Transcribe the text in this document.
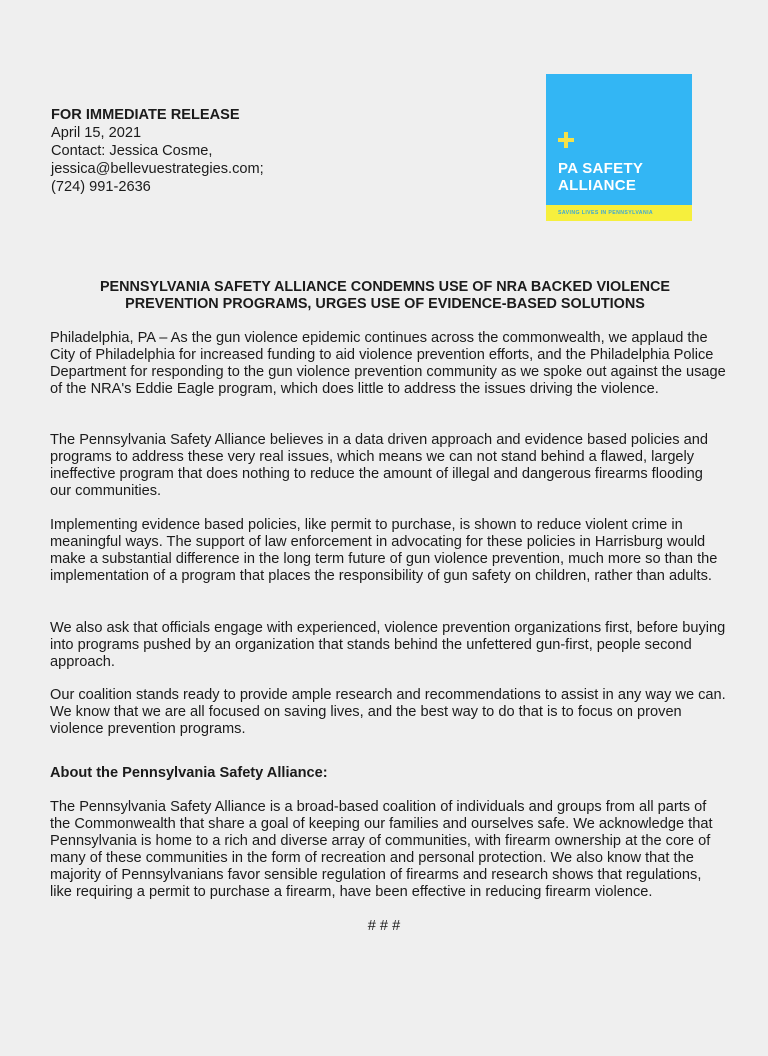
FOR IMMEDIATE RELEASE
April 15, 2021
Contact: Jessica Cosme,
jessica@bellevuestrategies.com;
(724) 991-2636
PA SAFETY
ALLIANCE
SAVING LIVES IN PENNSYLVANIA
PENNSYLVANIA SAFETY ALLIANCE CONDEMNS USE OF NRA BACKED VIOLENCE
PREVENTION PROGRAMS, URGES USE OF EVIDENCE-BASED SOLUTIONS

Philadelphia, PA – As the gun violence epidemic continues across the commonwealth, we applaud the City of Philadelphia for increased funding to aid violence prevention efforts, and the Philadelphia Police Department for responding to the gun violence prevention community as we spoke out against the usage of the NRA's Eddie Eagle program, which does little to address the issues driving the violence.

The Pennsylvania Safety Alliance believes in a data driven approach and evidence based policies and programs to address these very real issues, which means we can not stand behind a flawed, largely ineffective program that does nothing to reduce the amount of illegal and dangerous firearms flooding our communities.

Implementing evidence based policies, like permit to purchase, is shown to reduce violent crime in meaningful ways. The support of law enforcement in advocating for these policies in Harrisburg would make a substantial difference in the long term future of gun violence prevention, much more so than the implementation of a program that places the responsibility of gun safety on children, rather than adults.

We also ask that officials engage with experienced, violence prevention organizations first, before buying into programs pushed by an organization that stands behind the unfettered gun-first, people second approach.

Our coalition stands ready to provide ample research and recommendations to assist in any way we can. We know that we are all focused on saving lives, and the best way to do that is to focus on proven violence prevention programs.

About the Pennsylvania Safety Alliance:

The Pennsylvania Safety Alliance is a broad-based coalition of individuals and groups from all parts of the Commonwealth that share a goal of keeping our families and ourselves safe. We acknowledge that Pennsylvania is home to a rich and diverse array of communities, with firearm ownership at the core of many of these communities in the form of recreation and personal protection. We also know that the majority of Pennsylvanians favor sensible regulation of firearms and research shows that regulations, like requiring a permit to purchase a firearm, have been effective in reducing firearm violence.

# # #
